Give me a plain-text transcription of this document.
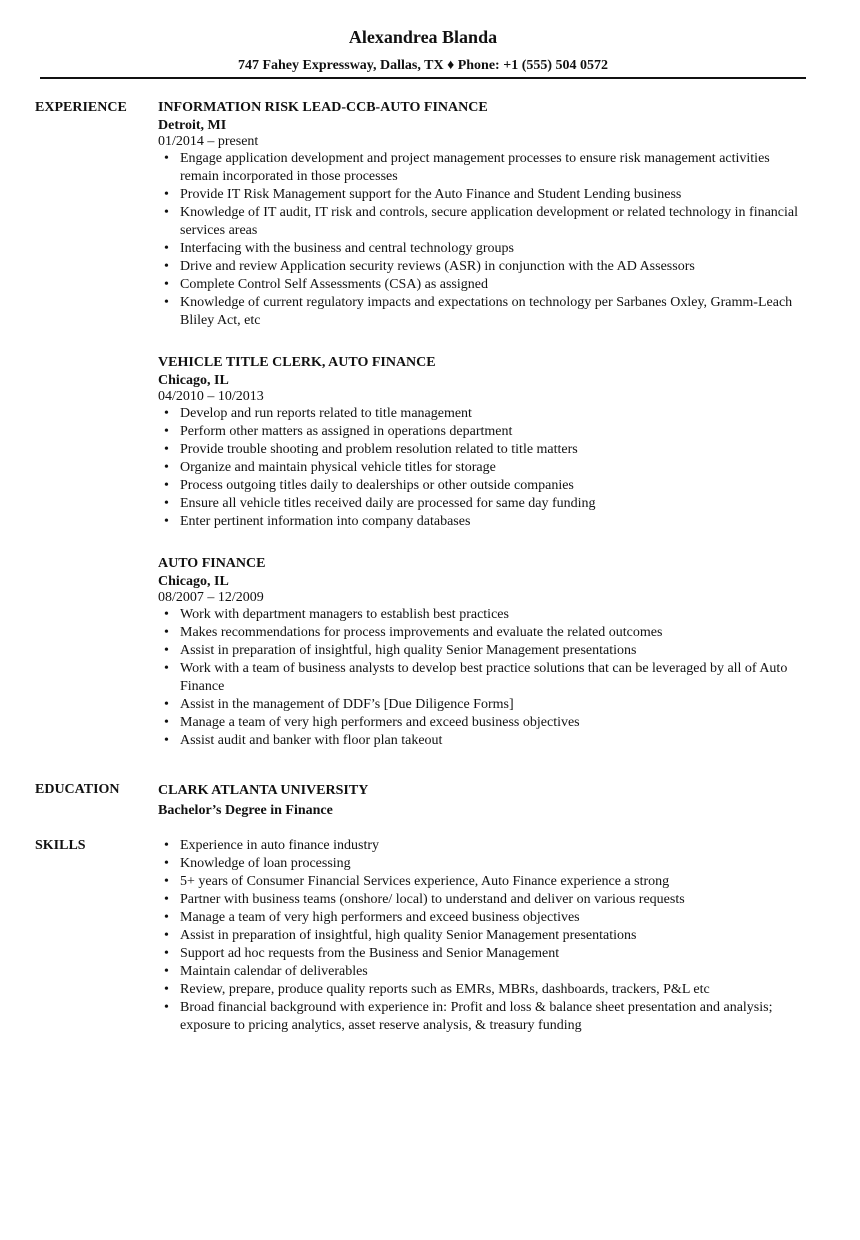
Alexandrea Blanda
747 Fahey Expressway, Dallas, TX ♦ Phone: +1 (555) 504 0572
EXPERIENCE	INFORMATION RISK LEAD-CCB-AUTO FINANCE
Detroit, MI
01/2014 – present
• Engage application development and project management processes to ensure risk management activities remain incorporated in those processes
• Provide IT Risk Management support for the Auto Finance and Student Lending business
• Knowledge of IT audit, IT risk and controls, secure application development or related technology in financial services areas
• Interfacing with the business and central technology groups
• Drive and review Application security reviews (ASR) in conjunction with the AD Assessors
• Complete Control Self Assessments (CSA) as assigned
• Knowledge of current regulatory impacts and expectations on technology per Sarbanes Oxley, Gramm-Leach Bliley Act, etc
VEHICLE TITLE CLERK, AUTO FINANCE
Chicago, IL
04/2010 – 10/2013
• Develop and run reports related to title management
• Perform other matters as assigned in operations department
• Provide trouble shooting and problem resolution related to title matters
• Organize and maintain physical vehicle titles for storage
• Process outgoing titles daily to dealerships or other outside companies
• Ensure all vehicle titles received daily are processed for same day funding
• Enter pertinent information into company databases
AUTO FINANCE
Chicago, IL
08/2007 – 12/2009
• Work with department managers to establish best practices
• Makes recommendations for process improvements and evaluate the related outcomes
• Assist in preparation of insightful, high quality Senior Management presentations
• Work with a team of business analysts to develop best practice solutions that can be leveraged by all of Auto Finance
• Assist in the management of DDF’s [Due Diligence Forms]
• Manage a team of very high performers and exceed business objectives
• Assist audit and banker with floor plan takeout
EDUCATION	CLARK ATLANTA UNIVERSITY
Bachelor’s Degree in Finance
SKILLS
•	Experience in auto finance industry
• Knowledge of loan processing
• 5+ years of Consumer Financial Services experience, Auto Finance experience a strong
• Partner with business teams (onshore/ local) to understand and deliver on various requests
• Manage a team of very high performers and exceed business objectives
• Assist in preparation of insightful, high quality Senior Management presentations
• Support ad hoc requests from the Business and Senior Management
• Maintain calendar of deliverables
• Review, prepare, produce quality reports such as EMRs, MBRs, dashboards, trackers, P&L etc
• Broad financial background with experience in: Profit and loss & balance sheet presentation and analysis; exposure to pricing analytics, asset reserve analysis, & treasury funding
